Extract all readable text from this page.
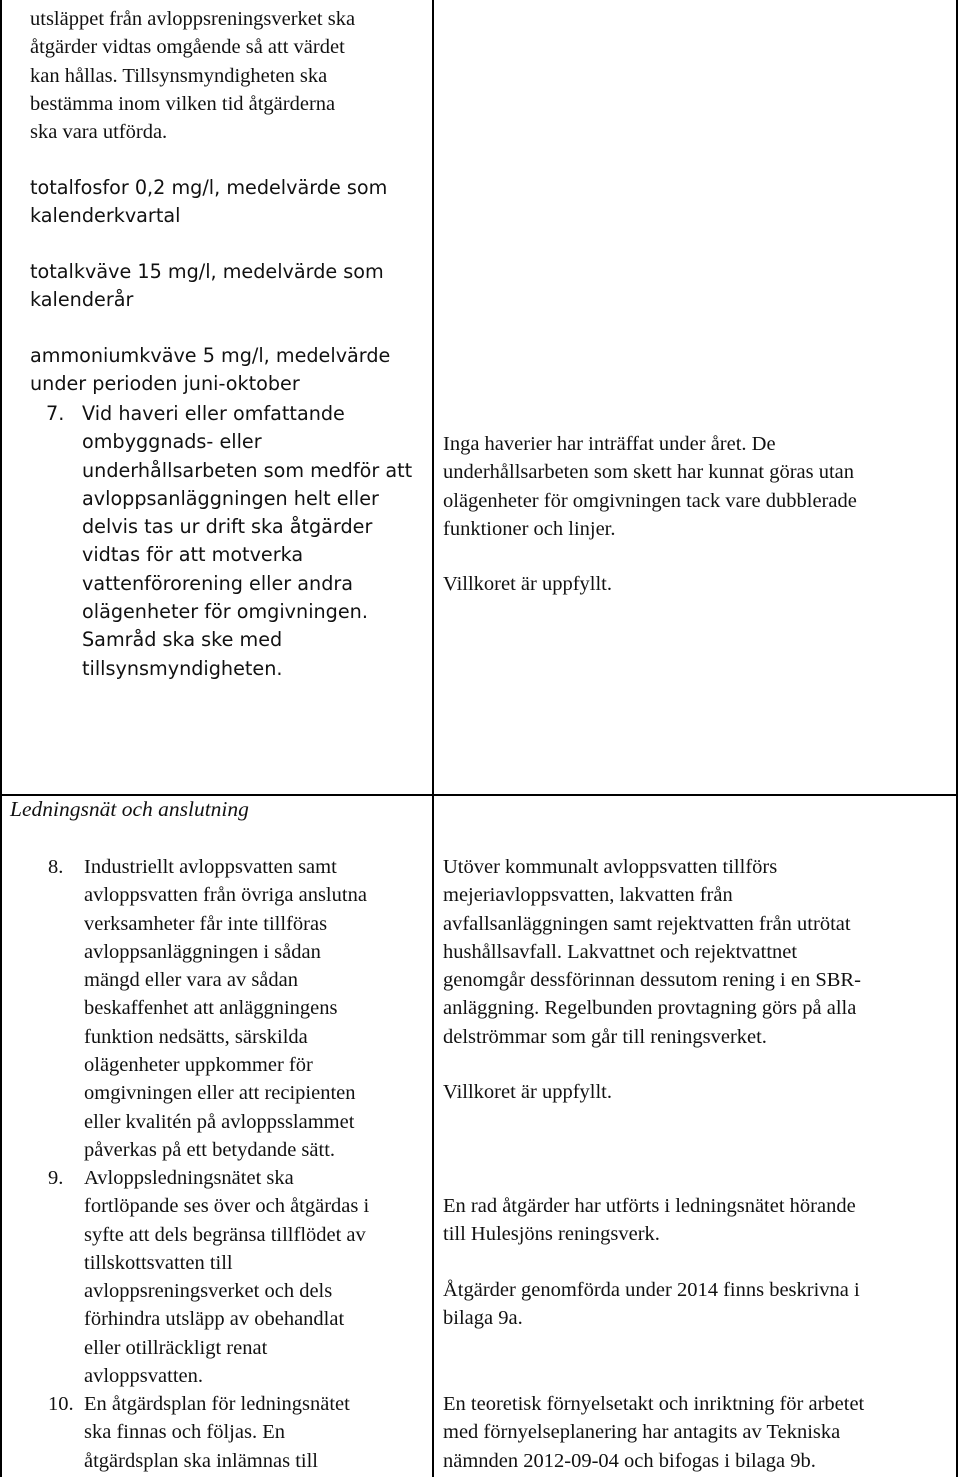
utsläppet från avloppsreningsverket ska
åtgärder vidtas omgående så att värdet
kan hållas. Tillsynsmyndigheten ska
bestämma inom vilken tid åtgärderna
ska vara utförda.
totalfosfor 0,2 mg/l, medelvärde som
kalenderkvartal
totalkväve 15 mg/l, medelvärde som
kalenderår
ammoniumkväve 5 mg/l, medelvärde
under perioden juni-oktober
7. Vid haveri eller omfattande
ombyggnads- eller
underhållsarbeten som medför att
avloppsanläggningen helt eller
delvis tas ur drift ska åtgärder
vidtas för att motverka
vattenförorening eller andra
olägenheter för omgivningen.
Samråd ska ske med
tillsynsmyndigheten.
Ledningsnät och anslutning
8. Industriellt avloppsvatten samt
avloppsvatten från övriga anslutna
verksamheter får inte tillföras
avloppsanläggningen i sådan
mängd eller vara av sådan
beskaffenhet att anläggningens
funktion nedsätts, särskilda
olägenheter uppkommer för
omgivningen eller att recipienten
eller kvalitén på avloppsslammet
påverkas på ett betydande sätt.
9. Avloppsledningsnätet ska
fortlöpande ses över och åtgärdas i
syfte att dels begränsa tillflödet av
tillskottsvatten till
avloppsreningsverket och dels
förhindra utsläpp av obehandlat
eller otillräckligt renat
avloppsvatten.
10. En åtgärdsplan för ledningsnätet
ska finnas och följas. En
åtgärdsplan ska inlämnas till
Inga haverier har inträffat under året. De
underhållsarbeten som skett har kunnat göras utan
olägenheter för omgivningen tack vare dubblerade
funktioner och linjer.
Villkoret är uppfyllt.
Utöver kommunalt avloppsvatten tillförs
mejeriavloppsvatten, lakvatten från
avfallsanläggningen samt rejektvatten från utrötat
hushållsavfall. Lakvattnet och rejektvattnet
genomgår dessförinnan dessutom rening i en SBR-
anläggning. Regelbunden provtagning görs på alla
delströmmar som går till reningsverket.
Villkoret är uppfyllt.
En rad åtgärder har utförts i ledningsnätet hörande
till Hulesjöns reningsverk.
Åtgärder genomförda under 2014 finns beskrivna i
bilaga 9a.
En teoretisk förnyelsetakt och inriktning för arbetet
med förnyelseplanering har antagits av Tekniska
nämnden 2012-09-04 och bifogas i bilaga 9b.
